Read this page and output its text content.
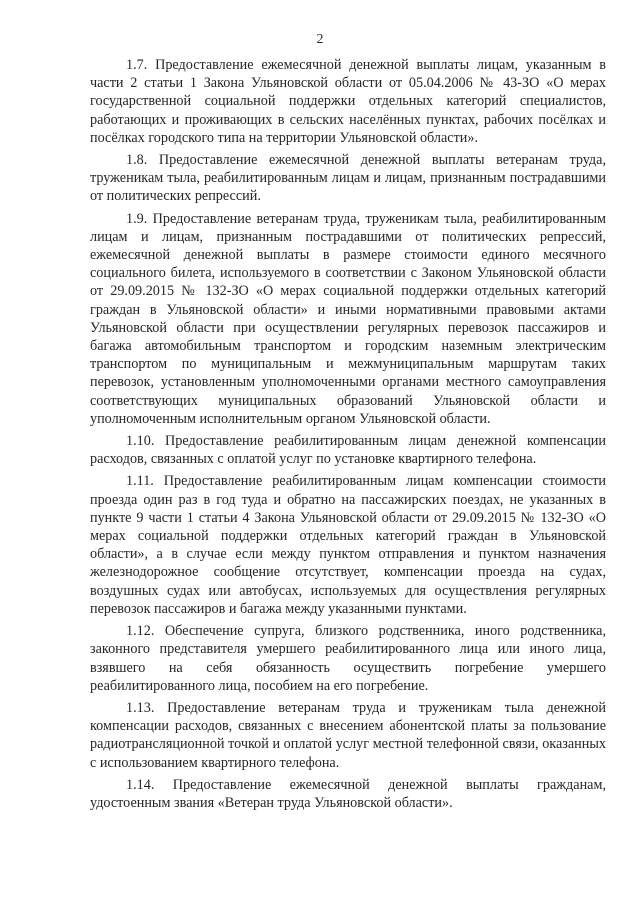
2

1.7. Предоставление ежемесячной денежной выплаты лицам, указанным в части 2 статьи 1 Закона Ульяновской области от 05.04.2006 № 43-ЗО «О мерах государственной социальной поддержки отдельных категорий специалистов, работающих и проживающих в сельских населённых пунктах, рабочих посёлках и посёлках городского типа на территории Ульяновской области».

1.8. Предоставление ежемесячной денежной выплаты ветеранам труда, труженикам тыла, реабилитированным лицам и лицам, признанным пострадавшими от политических репрессий.

1.9. Предоставление ветеранам труда, труженикам тыла, реабилитированным лицам и лицам, признанным пострадавшими от политических репрессий, ежемесячной денежной выплаты в размере стоимости единого месячного социального билета, используемого в соответствии с Законом Ульяновской области от 29.09.2015 № 132-ЗО «О мерах социальной поддержки отдельных категорий граждан в Ульяновской области» и иными нормативными правовыми актами Ульяновской области при осуществлении регулярных перевозок пассажиров и багажа автомобильным транспортом и городским наземным электрическим транспортом по муниципальным и межмуниципальным маршрутам таких перевозок, установленным уполномоченными органами местного самоуправления соответствующих муниципальных образований Ульяновской области и уполномоченным исполнительным органом Ульяновской области.

1.10. Предоставление реабилитированным лицам денежной компенсации расходов, связанных с оплатой услуг по установке квартирного телефона.

1.11. Предоставление реабилитированным лицам компенсации стоимости проезда один раз в год туда и обратно на пассажирских поездах, не указанных в пункте 9 части 1 статьи 4 Закона Ульяновской области от 29.09.2015 № 132-ЗО «О мерах социальной поддержки отдельных категорий граждан в Ульяновской области», а в случае если между пунктом отправления и пунктом назначения железнодорожное сообщение отсутствует, компенсации проезда на судах, воздушных судах или автобусах, используемых для осуществления регулярных перевозок пассажиров и багажа между указанными пунктами.

1.12. Обеспечение супруга, близкого родственника, иного родственника, законного представителя умершего реабилитированного лица или иного лица, взявшего на себя обязанность осуществить погребение умершего реабилитированного лица, пособием на его погребение.

1.13. Предоставление ветеранам труда и труженикам тыла денежной компенсации расходов, связанных с внесением абонентской платы за пользование радиотрансляционной точкой и оплатой услуг местной телефонной связи, оказанных с использованием квартирного телефона.

1.14. Предоставление ежемесячной денежной выплаты гражданам, удостоенным звания «Ветеран труда Ульяновской области».
